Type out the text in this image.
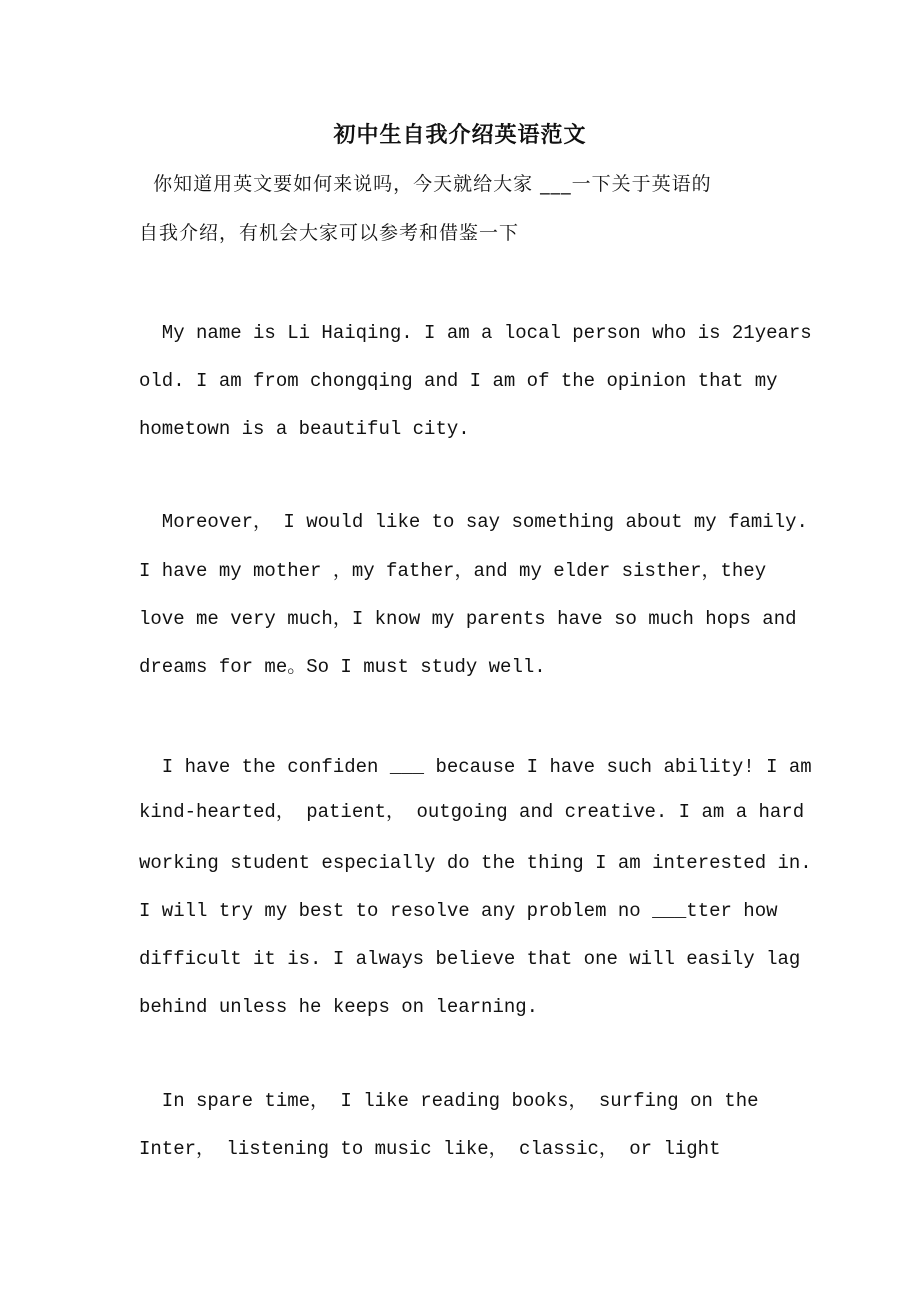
初中生自我介绍英语范文
你知道用英文要如何来说吗，今天就给大家 ___一下关于英语的
自我介绍，有机会大家可以参考和借鉴一下
My name is Li Haiqing. I am a local person who is 21years
old. I am from chongqing and I am of the opinion that my
hometown is a beautiful city.
Moreover， I would like to say something about my family.
I have my mother ，my father，and my elder sisther，they
love me very much，I know my parents have so much hops and
dreams for me。So I must study well.
I have the confiden ___ because I have such ability! I am
kind-hearted， patient， outgoing and creative. I am a hard
working student especially do the thing I am interested in.
I will try my best to resolve any problem no ___tter how
difficult it is. I always believe that one will easily lag
behind unless he keeps on learning.
In spare time， I like reading books， surfing on the
Inter， listening to music like， classic， or light
